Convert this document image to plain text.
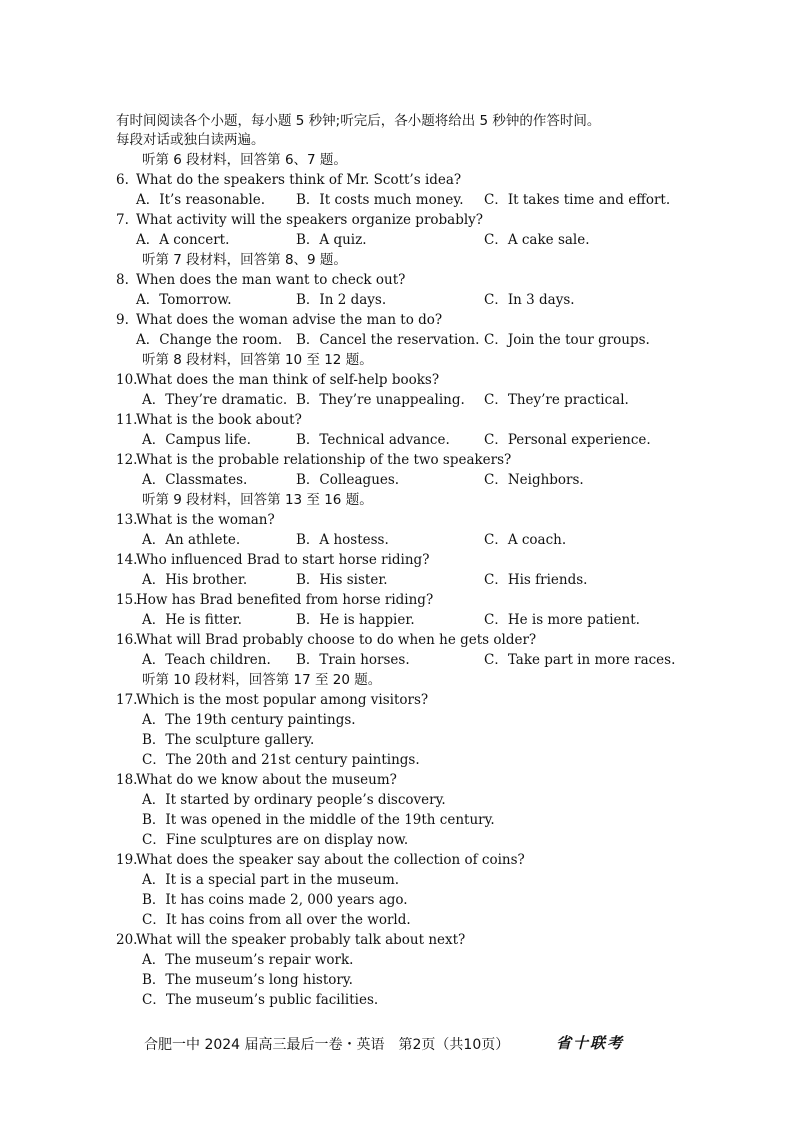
有时间阅读各个小题，每小题 5 秒钟;听完后，各小题将给出 5 秒钟的作答时间。
每段对话或独白读两遍。
听第 6 段材料，回答第 6、7 题。
6. What do the speakers think of Mr. Scott’s idea?
A．It’s reasonable. B．It costs much money. C．It takes time and effort.
7. What activity will the speakers organize probably?
A．A concert.	B．A quiz.	C．A cake sale.
听第 7 段材料，回答第 8、9 题。
8. When does the man want to check out?
A．Tomorrow.	B．In 2 days.	C．In 3 days.
9. What does the woman advise the man to do?
A．Change the room. B．Cancel the reservation. C．Join the tour groups.
听第 8 段材料，回答第 10 至 12 题。
10.What does the man think of self-help books?
A．They’re dramatic. B．They’re unappealing. C．They’re practical.
11.What is the book about?
A．Campus life.	B．Technical advance.	C．Personal experience.
12.What is the probable relationship of the two speakers?
A．Classmates.	B．Colleagues.	C．Neighbors.
听第 9 段材料，回答第 13 至 16 题。
13.What is the woman?
A．An athlete.	B．A hostess.	C．A coach.
14.Who influenced Brad to start horse riding?
A．His brother.	B．His sister.	C．His friends.
15.How has Brad benefited from horse riding?
A．He is fitter.	B．He is happier.	C．He is more patient.
16.What will Brad probably choose to do when he gets older?
A．Teach children. B．Train horses.	C．Take part in more races.
听第 10 段材料，回答第 17 至 20 题。
17.Which is the most popular among visitors?
A．The 19th century paintings.
B．The sculpture gallery.
C．The 20th and 21st century paintings.
18.What do we know about the museum?
A．It started by ordinary people’s discovery.
B．It was opened in the middle of the 19th century.
C．Fine sculptures are on display now.
19.What does the speaker say about the collection of coins?
A．It is a special part in the museum.
B．It has coins made 2, 000 years ago.
C．It has coins from all over the world.
20.What will the speaker probably talk about next?
A．The museum’s repair work.
B．The museum’s long history.
C．The museum’s public facilities.
合肥一中 2024 届高三最后一卷・英语　第2页（共10页）	省十联考
